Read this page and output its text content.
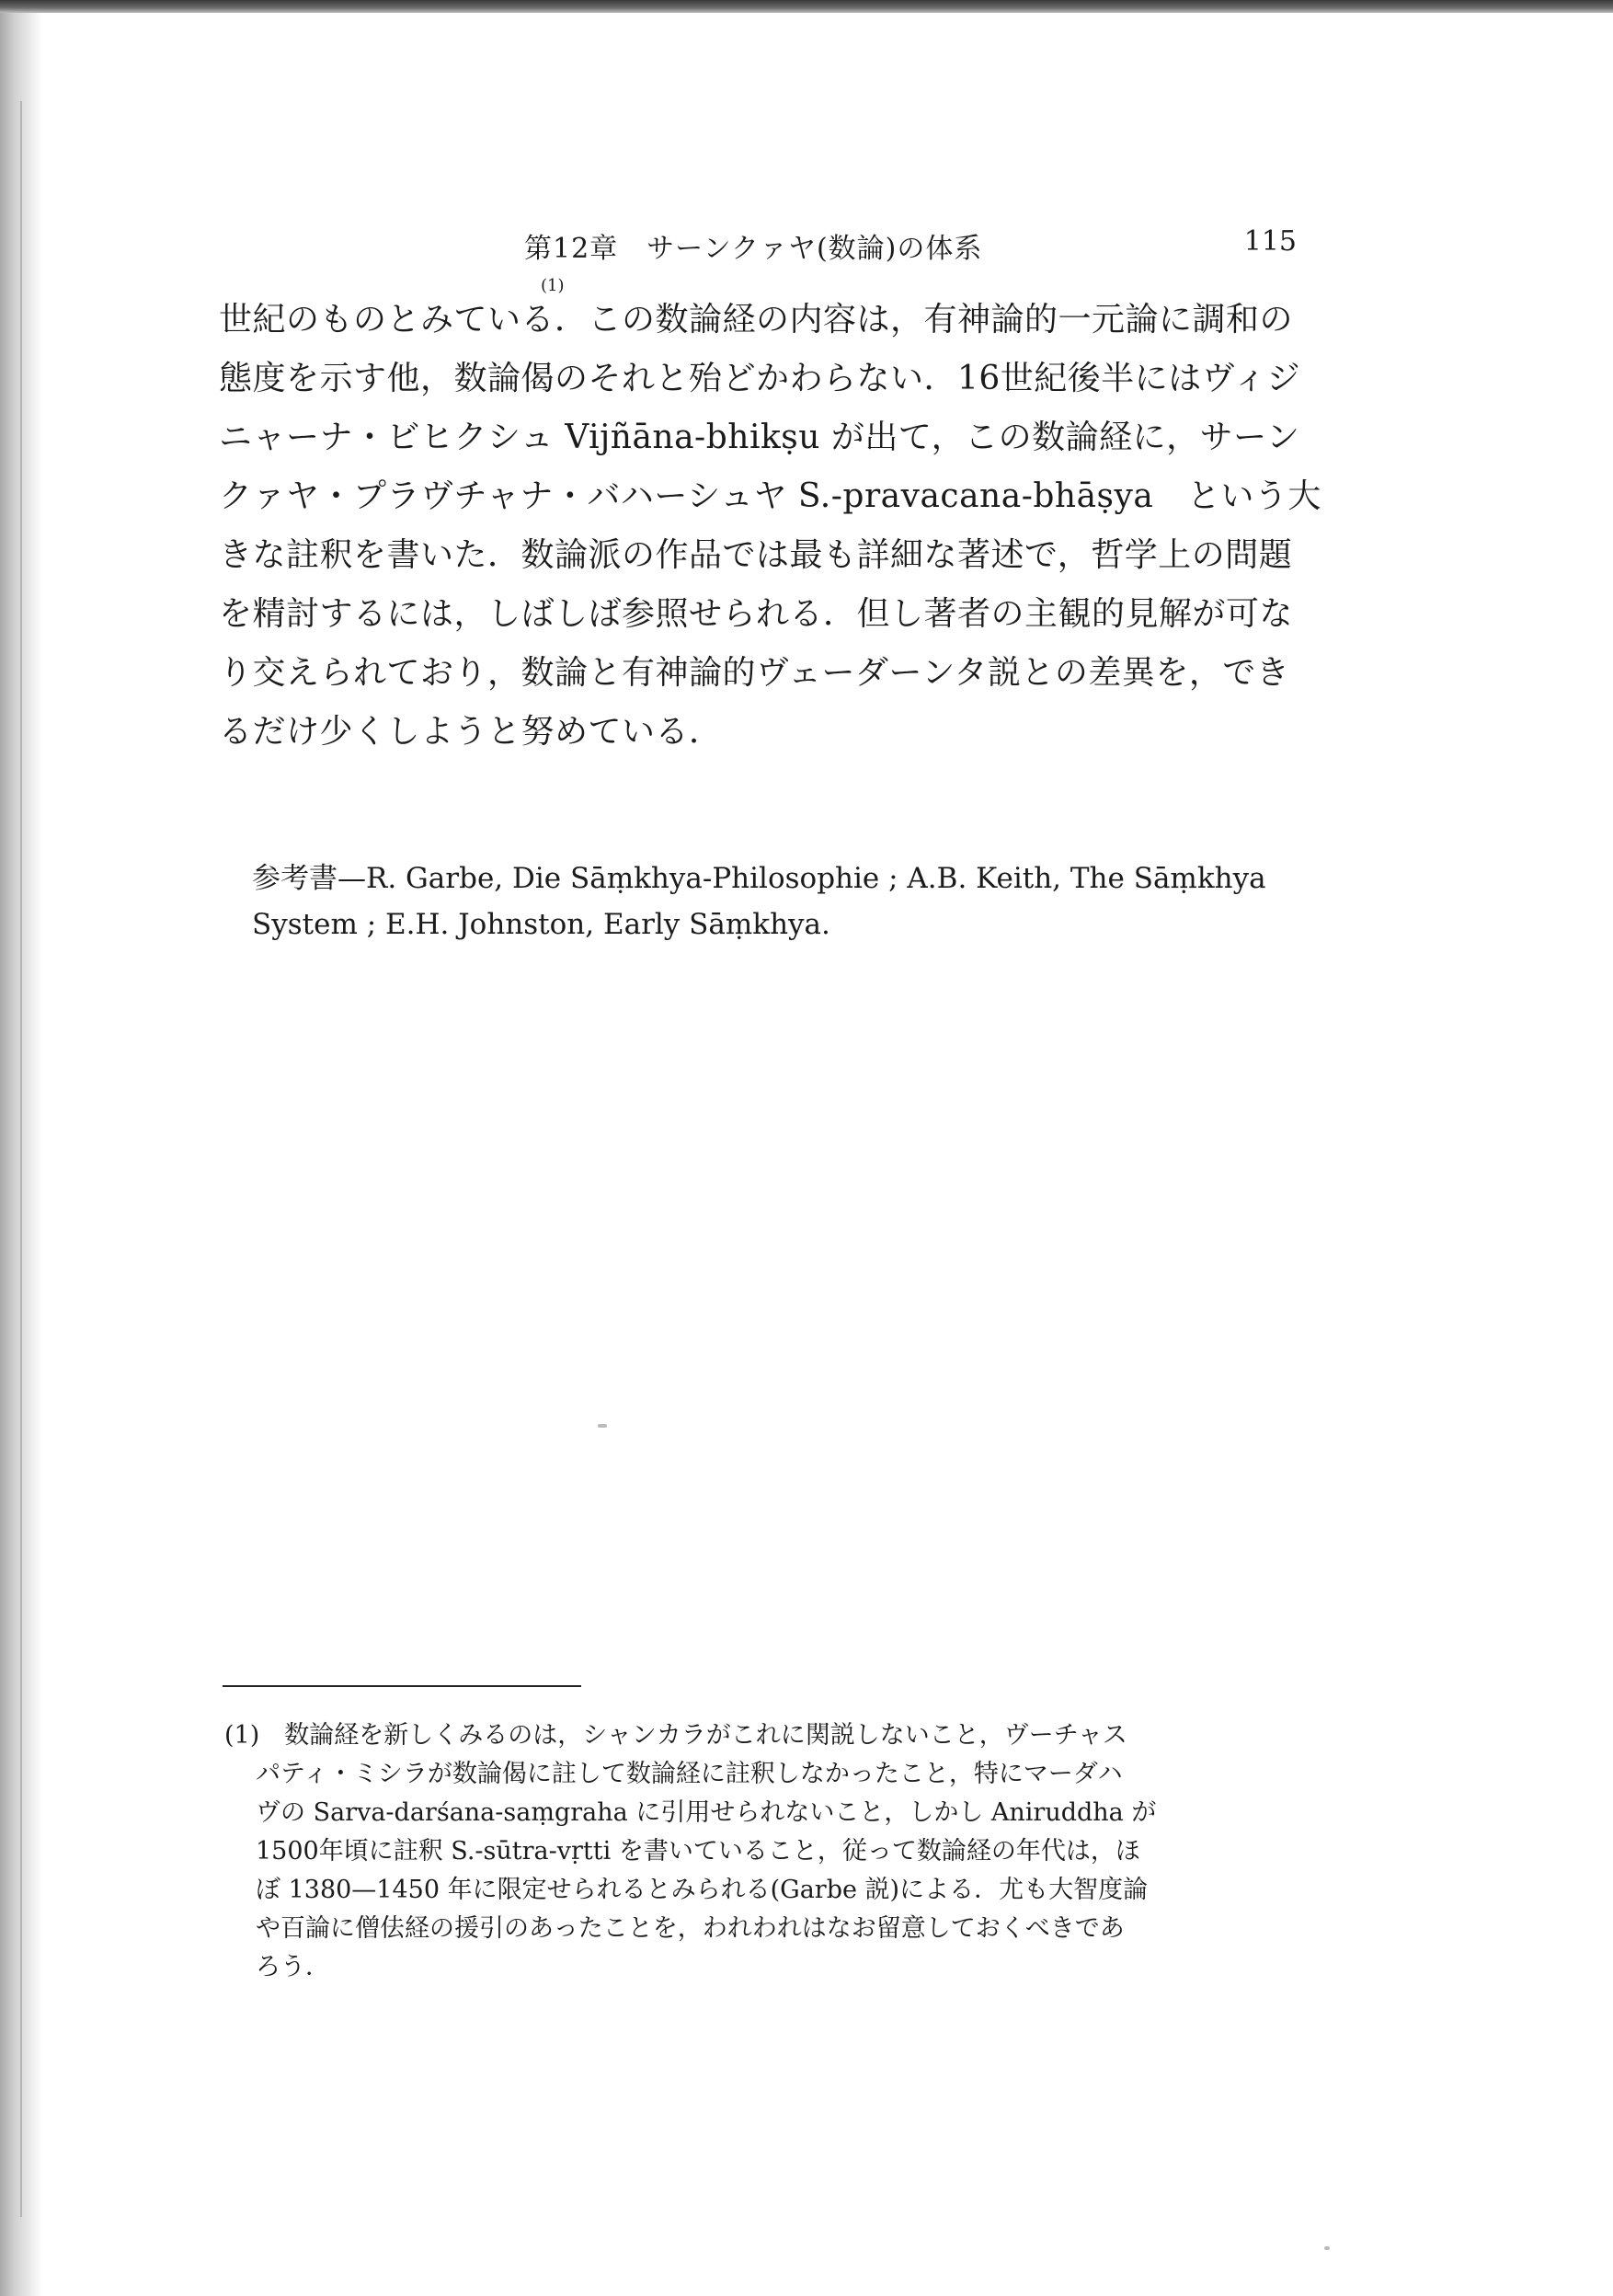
第12章　サーンクァヤ(数論)の体系	115
(1)
世紀のものとみている．この数論経の内容は，有神論的一元論に調和の
態度を示す他，数論偈のそれと殆どかわらない．16世紀後半にはヴィジ
ニャーナ・ビヒクシュ Vijñāna-bhikṣu が出て，この数論経に，サーン
クァヤ・プラヴチャナ・バハーシュヤ S.-pravacana-bhāṣya　という大
きな註釈を書いた．数論派の作品では最も詳細な著述で，哲学上の問題
を精討するには，しばしば参照せられる．但し著者の主観的見解が可な
り交えられており，数論と有神論的ヴェーダーンタ説との差異を，でき
るだけ少くしようと努めている．
参考書—R. Garbe, Die Sāṃkhya-Philosophie ; A.B. Keith, The Sāṃkhya
System ; E.H. Johnston, Early Sāṃkhya.
(1)　数論経を新しくみるのは，シャンカラがこれに関説しないこと，ヴーチャス
パティ・ミシラが数論偈に註して数論経に註釈しなかったこと，特にマーダハ
ヴの Sarva-darśana-saṃgraha に引用せられないこと，しかし Aniruddha が
1500年頃に註釈 S.-sūtra-vṛtti を書いていること，従って数論経の年代は，ほ
ぼ 1380—1450 年に限定せられるとみられる(Garbe 説)による．尤も大智度論
や百論に僧佉経の援引のあったことを，われわれはなお留意しておくべきであ
ろう．
